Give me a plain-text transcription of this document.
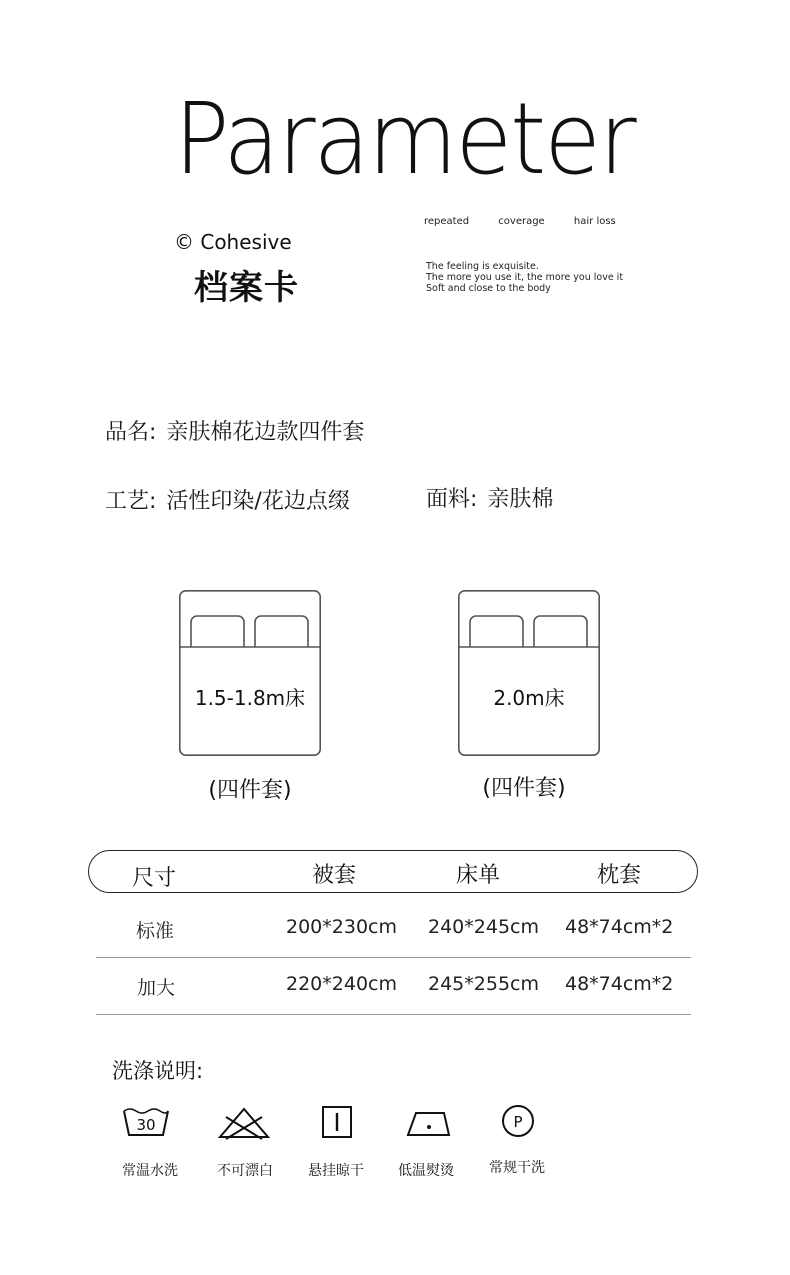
Parameter
© Cohesive
档案卡
repeated	coverage	hair loss
The feeling is exquisite.
The more you use it, the more you love it
Soft and close to the body
品名: 亲肤棉花边款四件套
工艺: 活性印染/花边点缀	面料: 亲肤棉
1.5-1.8m床
(四件套)
2.0m床
(四件套)
尺寸	被套	床单	枕套
标准	200*230cm 240*245cm 48*74cm*2
加大	220*240cm 245*255cm 48*74cm*2
洗涤说明:
30
常温水洗	不可漂白	悬挂晾干	低温熨烫
P
常规干洗
